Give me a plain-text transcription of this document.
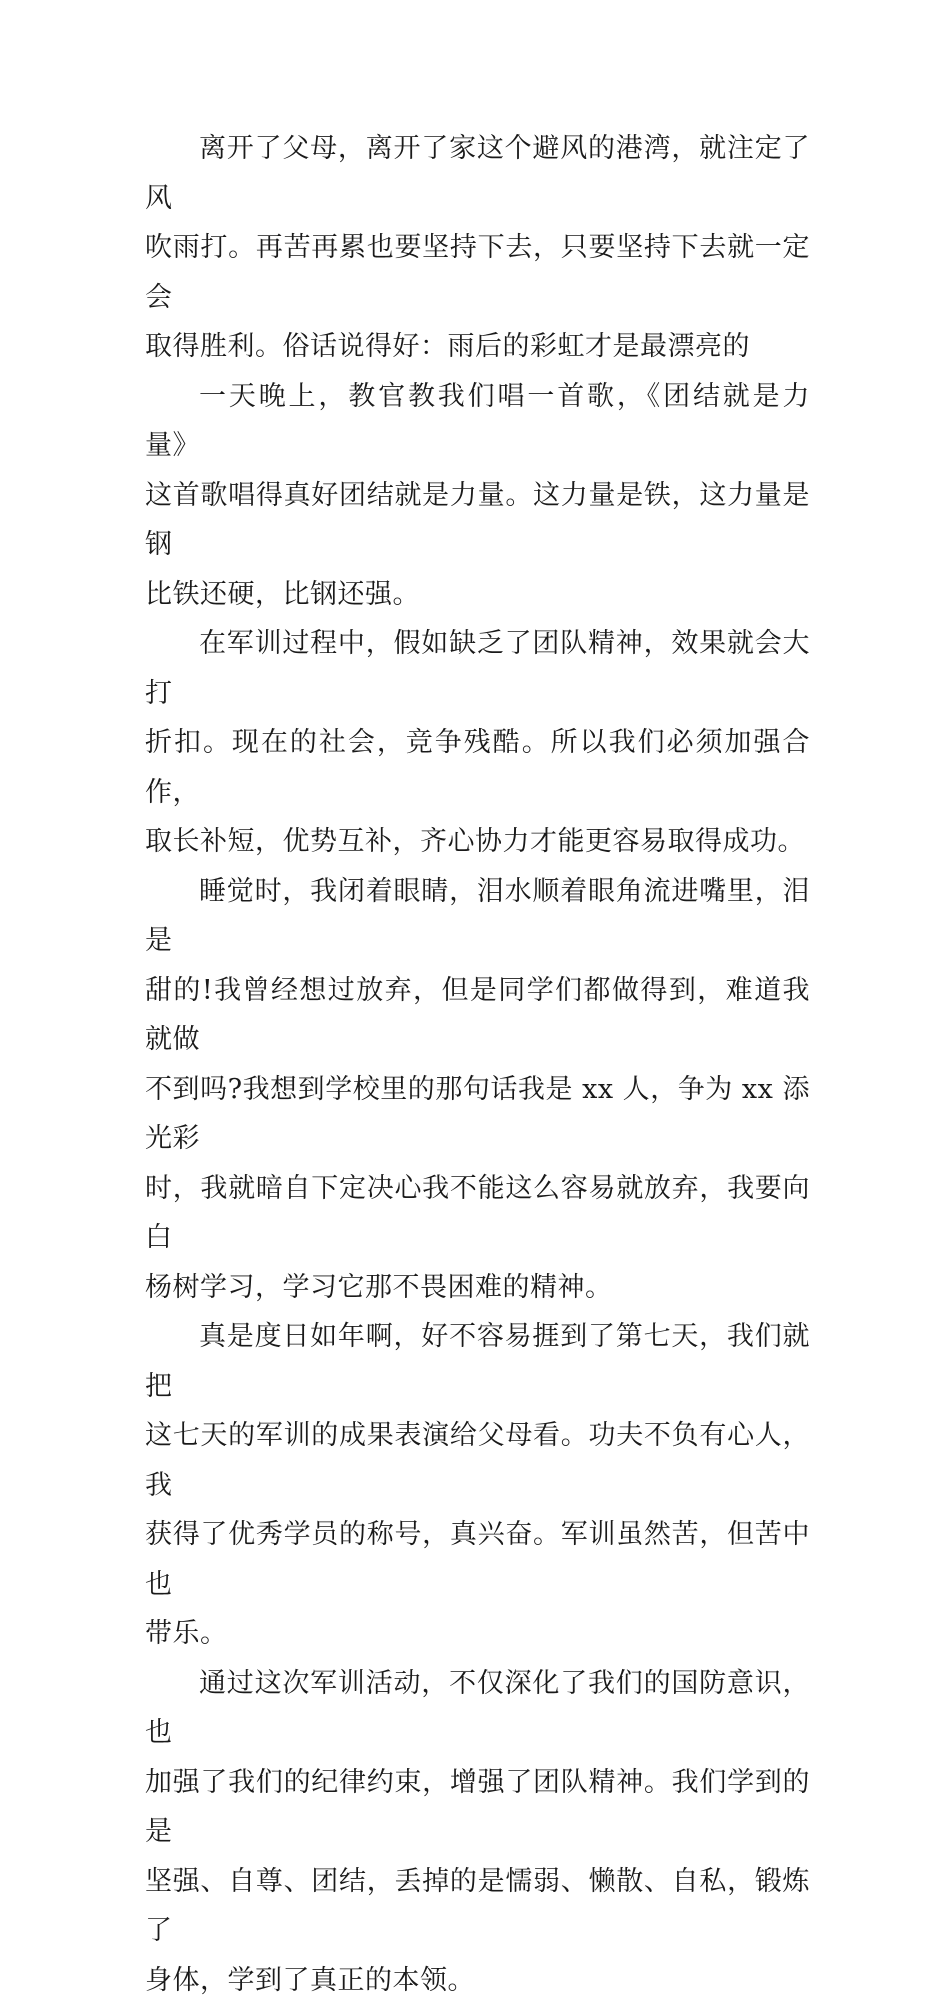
离开了父母，离开了家这个避风的港湾，就注定了风
吹雨打。再苦再累也要坚持下去，只要坚持下去就一定会
取得胜利。俗话说得好：雨后的彩虹才是最漂亮的

一天晚上，教官教我们唱一首歌，《团结就是力量》
这首歌唱得真好团结就是力量。这力量是铁，这力量是钢
比铁还硬，比钢还强。

在军训过程中，假如缺乏了团队精神，效果就会大打
折扣。现在的社会，竞争残酷。所以我们必须加强合作，
取长补短，优势互补，齐心协力才能更容易取得成功。

睡觉时，我闭着眼睛，泪水顺着眼角流进嘴里，泪是
甜的!我曾经想过放弃，但是同学们都做得到，难道我就做
不到吗?我想到学校里的那句话我是 xx 人，争为 xx 添光彩
时，我就暗自下定决心我不能这么容易就放弃，我要向白
杨树学习，学习它那不畏困难的精神。

真是度日如年啊，好不容易捱到了第七天，我们就把
这七天的军训的成果表演给父母看。功夫不负有心人，我
获得了优秀学员的称号，真兴奋。军训虽然苦，但苦中也
带乐。

通过这次军训活动，不仅深化了我们的国防意识，也
加强了我们的纪律约束，增强了团队精神。我们学到的是
坚强、自尊、团结，丢掉的是懦弱、懒散、自私，锻炼了
身体，学到了真正的本领。
